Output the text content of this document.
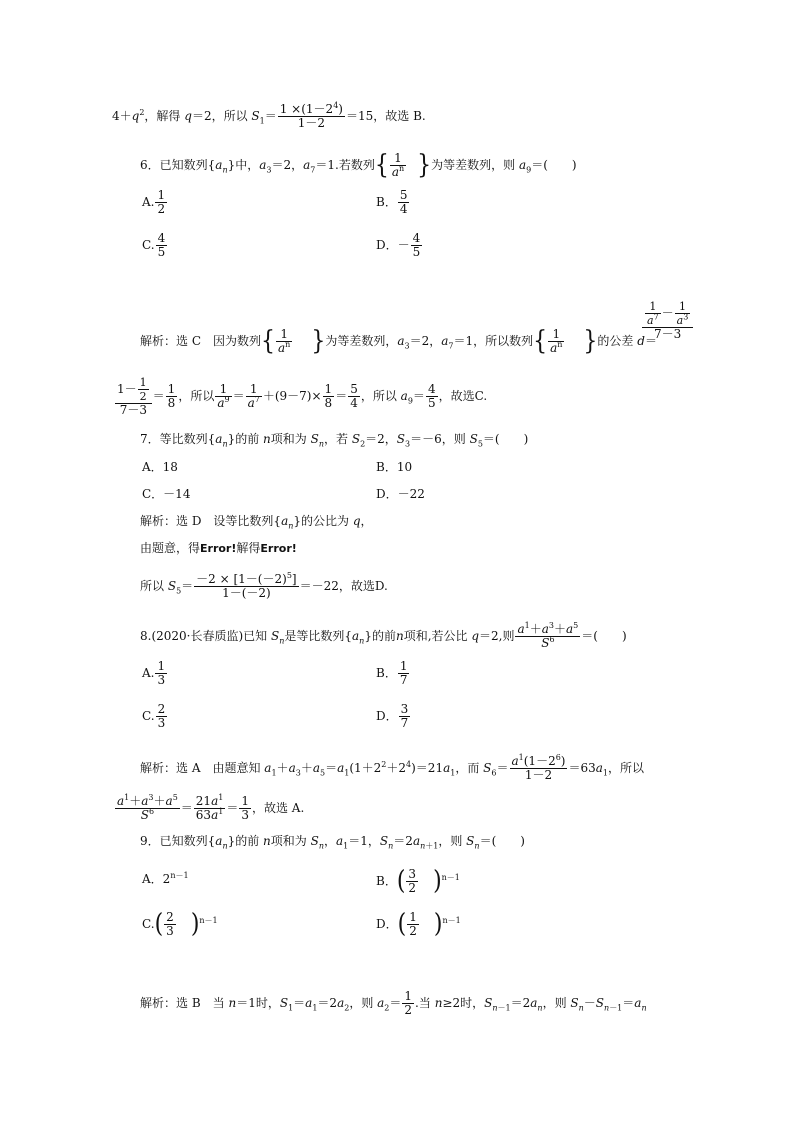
$4+q^2$，解得 q＝2，所以 $S_1= \frac{1 \times(1-2^4)}{1-2} =15$，故选 B.
6．已知数列$\{a_n\}$中，$a_3=2$，$a_7=1$.若数列{ $\frac{1}{a^n}$ }为等差数列，则 $a_9=$(　　)
A. $\frac{1}{2}$	B． $\frac{5}{4}$
C. $\frac{4}{5}$	D．－ $\frac{4}{5}$
解析：选 C　因为数列{ $\frac{1}{a^n}$ }为等差数列，$a_3=2$，$a_7=1$，所以数列{ $\frac{1}{a^n}$ }的公差 d＝
$\frac{\frac{1}{a^7} - \frac{1}{a^3}}{7-3}$
$\frac{1- \frac{1}{2}}{7-3} = \frac{1}{8}$ ，所以 $\frac{1}{a^9} = \frac{1}{a^7} +(9-7)\times \frac{1}{8} = \frac{5}{4}$ ，所以 $a_9= \frac{4}{5}$ ，故选C.
7．等比数列$\{a_n\}$的前 n项和为 $S_n$，若 $S_2=2$，$S_3=-6$，则 $S_5=$(　　)
A．18	B．10
C．－14	D．－22
解析：选 D　设等比数列$\{a_n\}$的公比为 q，
由题意，得Error!解得Error!
所以 $S_5= \frac{-2 \times [1-(-2)^5]}{1-(-2)} =-22$，故选D.
8.(2020·长春质监)已知 $S_n$是等比数列$\{a_n\}$的前n项和,若公比 q＝2,则 $\frac{a^1+a^3+a^5}{S^6}$ ＝(　　)
A. $\frac{1}{3}$	B． $\frac{1}{7}$
C. $\frac{2}{3}$	D． $\frac{3}{7}$
解析：选 A　由题意知 $a_1+a_3+a_5=a_1(1+2^2+2^4)=21a_1$，而 $S_6= \frac{a^1(1-2^6)}{1-2} =63a_1$，所以
$\frac{a^1+a^3+a^5}{S^6} = \frac{21a^1}{63a^1} = \frac{1}{3}$ ，故选 A.
9．已知数列$\{a_n\}$的前 n项和为 $S_n$，$a_1=1$，$S_n=2a_{n+1}$，则 $S_n=$(　　)
A．$2^{n-1}$	B．( $\frac{3}{2} )^{n-1}$
$C.( \frac{2}{3} )^{n-1}$	D．( $\frac{1}{2} )^{n-1}$
解析：选 B　当 n＝1时，$S_1=a_1=2a_2$，则 $a_2= \frac{1}{2}$ .当 n≥2时，$S_{n-1}=2a_n$，则 $S_n-S_{n-1}=a_n$
